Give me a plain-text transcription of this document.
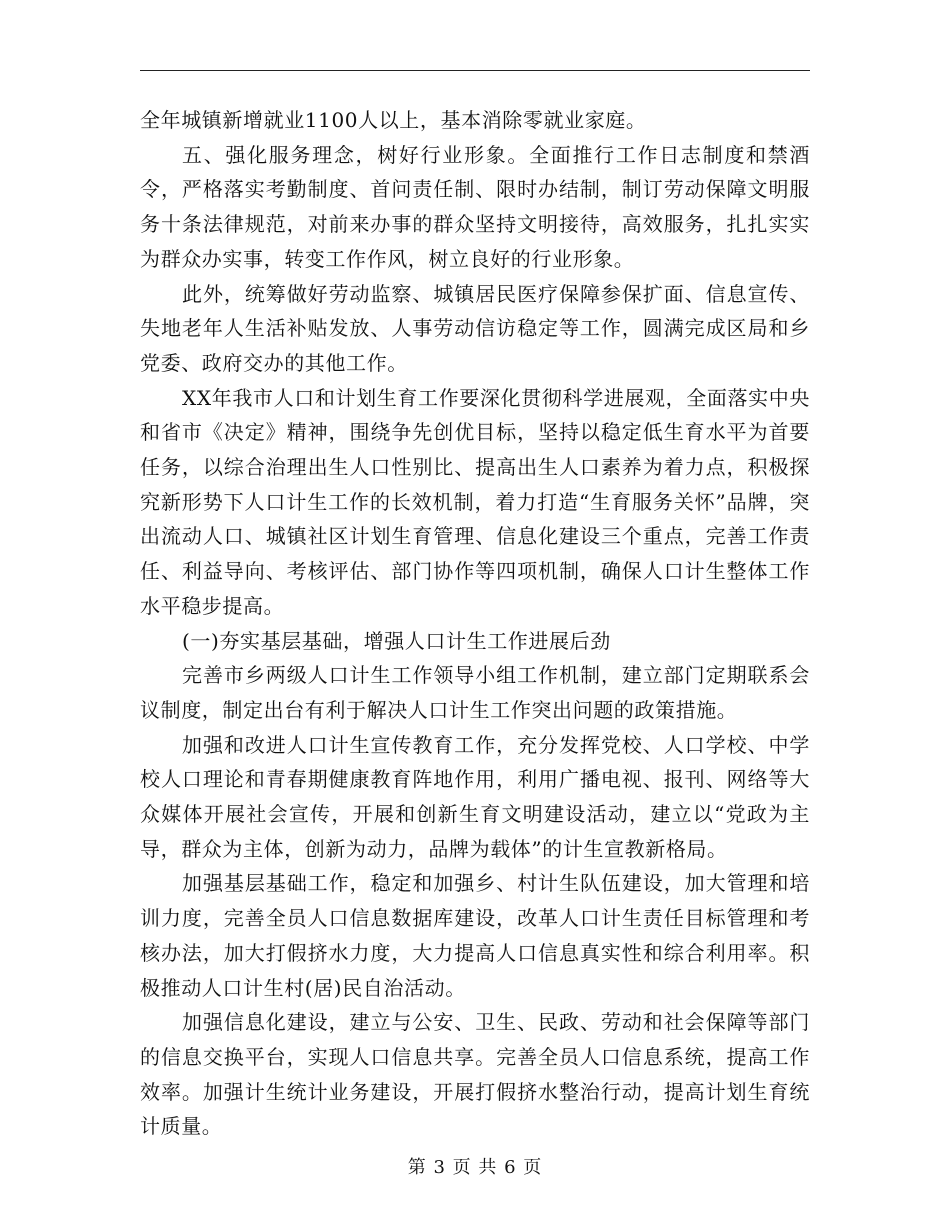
全年城镇新增就业1100人以上，基本消除零就业家庭。

五、强化服务理念，树好行业形象。全面推行工作日志制度和禁酒令，严格落实考勤制度、首问责任制、限时办结制，制订劳动保障文明服务十条法律规范，对前来办事的群众坚持文明接待，高效服务，扎扎实实为群众办实事，转变工作作风，树立良好的行业形象。

此外，统筹做好劳动监察、城镇居民医疗保障参保扩面、信息宣传、失地老年人生活补贴发放、人事劳动信访稳定等工作，圆满完成区局和乡党委、政府交办的其他工作。

XX年我市人口和计划生育工作要深化贯彻科学进展观，全面落实中央和省市《决定》精神，围绕争先创优目标，坚持以稳定低生育水平为首要任务，以综合治理出生人口性别比、提高出生人口素养为着力点，积极探究新形势下人口计生工作的长效机制，着力打造“生育服务关怀”品牌，突出流动人口、城镇社区计划生育管理、信息化建设三个重点，完善工作责任、利益导向、考核评估、部门协作等四项机制，确保人口计生整体工作水平稳步提高。

(一)夯实基层基础，增强人口计生工作进展后劲

完善市乡两级人口计生工作领导小组工作机制，建立部门定期联系会议制度，制定出台有利于解决人口计生工作突出问题的政策措施。

加强和改进人口计生宣传教育工作，充分发挥党校、人口学校、中学校人口理论和青春期健康教育阵地作用，利用广播电视、报刊、网络等大众媒体开展社会宣传，开展和创新生育文明建设活动，建立以“党政为主导，群众为主体，创新为动力，品牌为载体”的计生宣教新格局。

加强基层基础工作，稳定和加强乡、村计生队伍建设，加大管理和培训力度，完善全员人口信息数据库建设，改革人口计生责任目标管理和考核办法，加大打假挤水力度，大力提高人口信息真实性和综合利用率。积极推动人口计生村(居)民自治活动。

加强信息化建设，建立与公安、卫生、民政、劳动和社会保障等部门的信息交换平台，实现人口信息共享。完善全员人口信息系统，提高工作效率。加强计生统计业务建设，开展打假挤水整治行动，提高计划生育统计质量。

第 3 页 共 6 页
